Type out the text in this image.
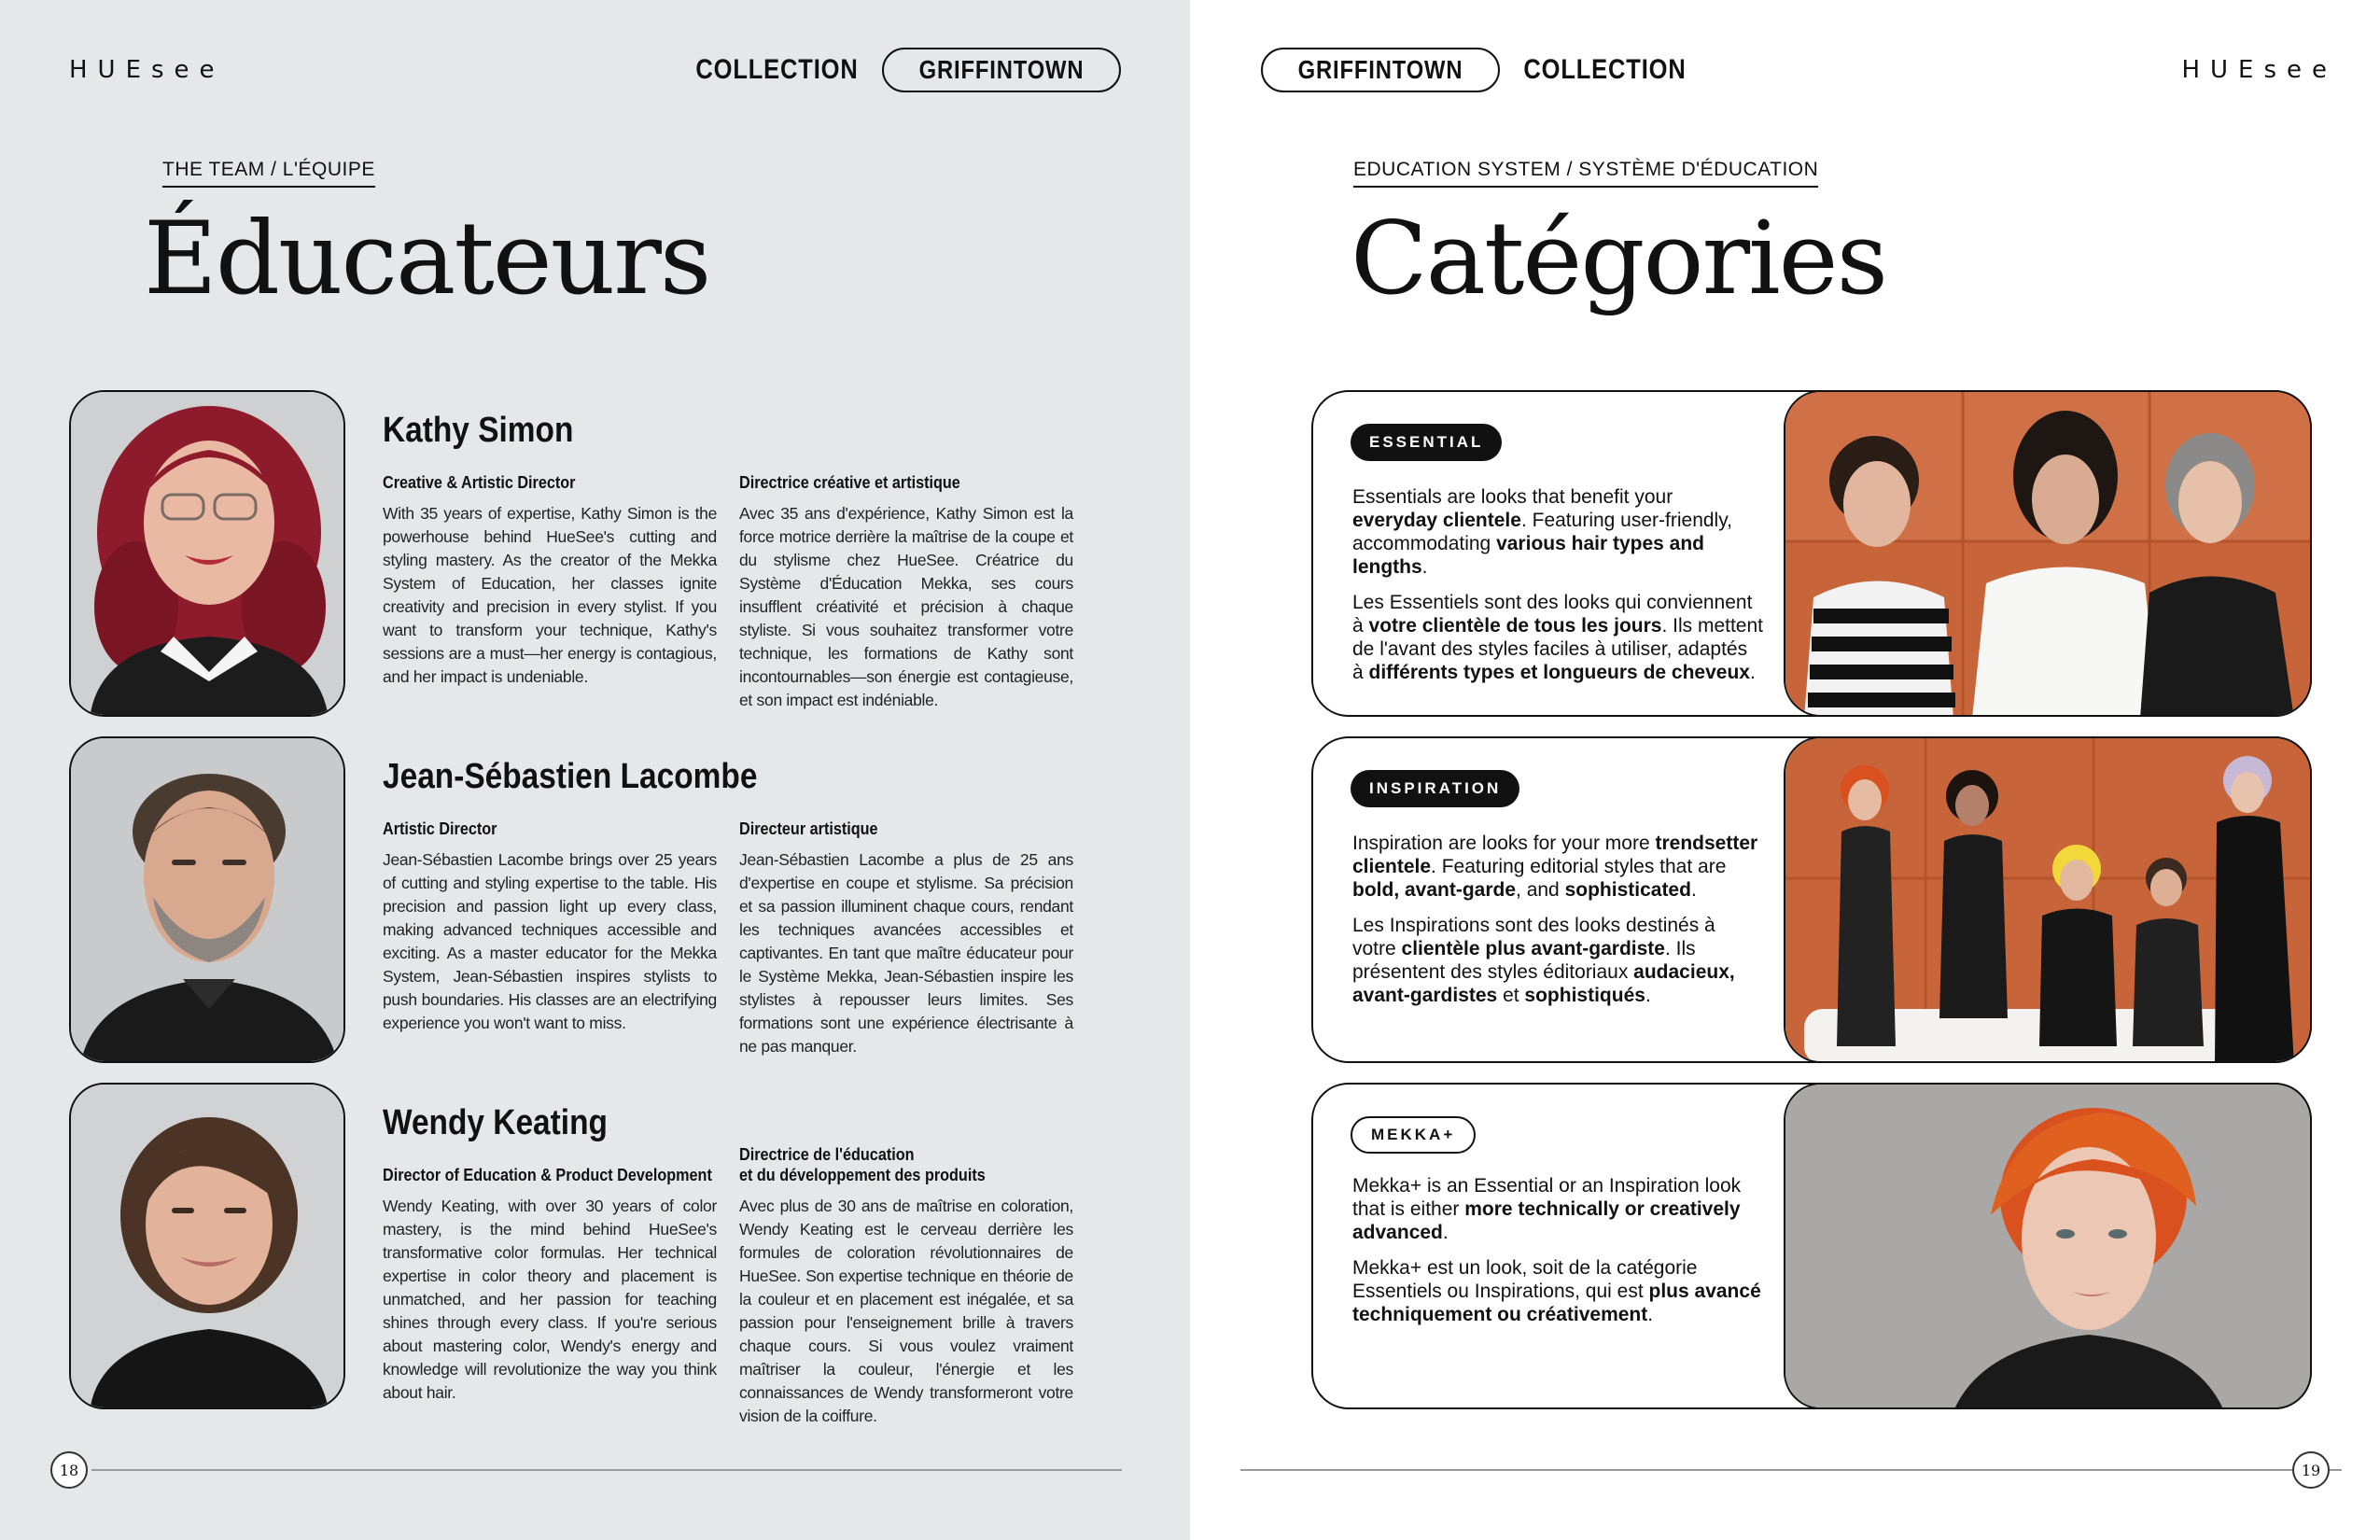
HUEsee	COLLECTION	GRIFFINTOWN
THE TEAM / L'ÉQUIPE
Éducateurs
Kathy Simon
Creative & Artistic Director
With 35 years of expertise, Kathy Simon is the powerhouse behind HueSee's cutting and styling mastery. As the creator of the Mekka System of Education, her classes ignite creativity and precision in every stylist. If you want to transform your technique, Kathy's sessions are a must—her energy is contagious, and her impact is undeniable.
Directrice créative et artistique
Avec 35 ans d'expérience, Kathy Simon est la force motrice derrière la maîtrise de la coupe et du stylisme chez HueSee. Créatrice du Système d'Éducation Mekka, ses cours insufflent créativité et précision à chaque styliste. Si vous souhaitez transformer votre technique, les formations de Kathy sont incontournables—son énergie est contagieuse, et son impact est indéniable.
Jean-Sébastien Lacombe
Artistic Director
Jean-Sébastien Lacombe brings over 25 years of cutting and styling expertise to the table. His precision and passion light up every class, making advanced techniques accessible and exciting. As a master educator for the Mekka System, Jean-Sébastien inspires stylists to push boundaries. His classes are an electrifying experience you won't want to miss.
Directeur artistique
Jean-Sébastien Lacombe a plus de 25 ans d'expertise en coupe et stylisme. Sa précision et sa passion illuminent chaque cours, rendant les techniques avancées accessibles et captivantes. En tant que maître éducateur pour le Système Mekka, Jean-Sébastien inspire les stylistes à repousser leurs limites. Ses formations sont une expérience électrisante à ne pas manquer.
Wendy Keating
Director of Education & Product Development
Wendy Keating, with over 30 years of color mastery, is the mind behind HueSee's transformative color formulas. Her technical expertise in color theory and placement is unmatched, and her passion for teaching shines through every class. If you're serious about mastering color, Wendy's energy and knowledge will revolutionize the way you think about hair.
Directrice de l'éducation
et du développement des produits
Avec plus de 30 ans de maîtrise en coloration, Wendy Keating est le cerveau derrière les formules de coloration révolutionnaires de HueSee. Son expertise technique en théorie de la couleur et en placement est inégalée, et sa passion pour l'enseignement brille à travers chaque cours. Si vous voulez vraiment maîtriser la couleur, l'énergie et les connaissances de Wendy transformeront votre vision de la coiffure.
18
GRIFFINTOWN	COLLECTION	HUEsee
EDUCATION SYSTEM / SYSTÈME D'ÉDUCATION
Catégories
ESSENTIAL

Essentials are looks that benefit your everyday clientele. Featuring user-friendly, accommodating various hair types and lengths.

Les Essentiels sont des looks qui conviennent à votre clientèle de tous les jours. Ils mettent de l'avant des styles faciles à utiliser, adaptés à différents types et longueurs de cheveux.

INSPIRATION

Inspiration are looks for your more trendsetter clientele. Featuring editorial styles that are bold, avant-garde, and sophisticated.

Les Inspirations sont des looks destinés à votre clientèle plus avant-gardiste. Ils présentent des styles éditoriaux audacieux, avant-gardistes et sophistiqués.

MEKKA+

Mekka+ is an Essential or an Inspiration look that is either more technically or creatively advanced.

Mekka+ est un look, soit de la catégorie Essentiels ou Inspirations, qui est plus avancé techniquement ou créativement.

19
